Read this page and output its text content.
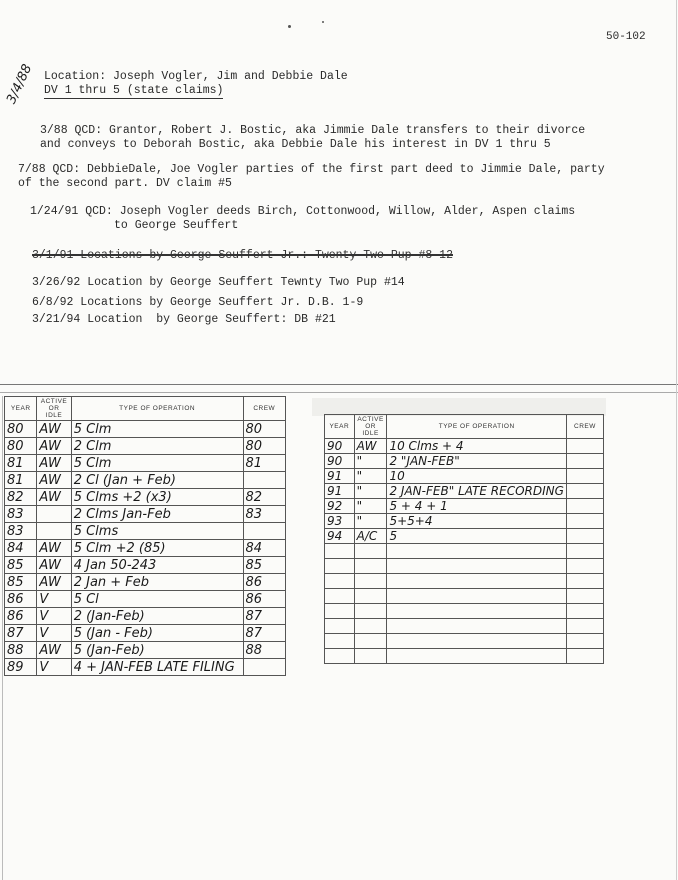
50-102
3/4/88 Location: Joseph Vogler, Jim and Debbie Dale
DV 1 thru 5 (state claims)
3/88 QCD: Grantor, Robert J. Bostic, aka Jimmie Dale transfers to their divorce
and conveys to Deborah Bostic, aka Debbie Dale his interest in DV 1 thru 5
7/88 QCD: DebbieDale, Joe Vogler parties of the first part deed to Jimmie Dale, party
of the second part. DV claim #5
1/24/91 QCD: Joseph Vogler deeds Birch, Cottonwood, Willow, Alder, Aspen claims
to George Seuffert
3/1/91 Locations by George Seuffert Jr.: Twenty Two Pup #8-12
3/26/92 Location by George Seuffert Tewnty Two Pup #14
6/8/92 Locations by George Seuffert Jr. D.B. 1-9
3/21/94 Location  by George Seuffert: DB #21
YEAR	ACTIVE OR IDLE	TYPE OF OPERATION	CREW
80	AW	5 Clm	80
80	AW	2 Clm	80
81	AW	5 Clm	81
81	AW	2 Cl (Jan + Feb)	
82	AW	5 Clms +2 (x3)	82
83		2 Clms Jan-Feb	83
83		5 Clms	
84	AW	5 Clm +2 (85)	84
85	AW	4 Jan 50-243	85
85	AW	2 Jan + Feb	86
86	V	5 Cl	86
86	V	2 (Jan-Feb)	87
87	V	5 (Jan - Feb)	87
88	AW	5 (Jan-Feb)	88
89	V	4 + JAN-FEB LATE FILING	
YEAR	ACTIVE OR IDLE	TYPE OF OPERATION	CREW
90	AW	10 Clms + 4	
90	"	2 "JAN-FEB"	
91	"	10	
91	"	2 JAN-FEB" LATE RECORDING	
92	"	5 + 4 + 1	
93	"	5+5+4	
94	A/C	5	
